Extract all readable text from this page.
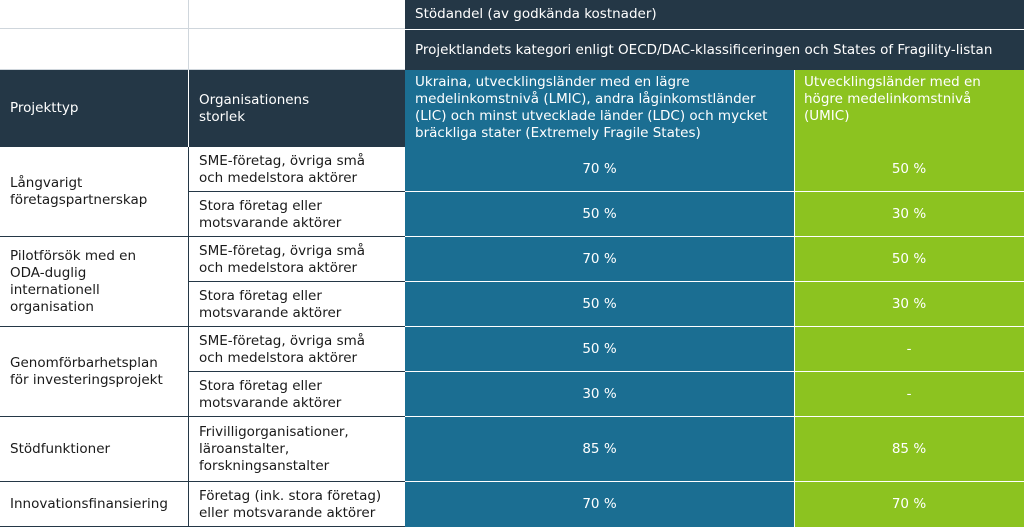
Stödandel (av godkända kostnader)
Projektlandets kategori enligt OECD/DAC-klassificeringen och States of Fragility-listan
Projekttyp
Organisationens storlek
Ukraina, utvecklingsländer med en lägre medelinkomstnivå (LMIC), andra låginkomstländer (LIC) och minst utvecklade länder (LDC) och mycket bräckliga stater (Extremely Fragile States)
Utvecklingsländer med en högre medelinkomstnivå (UMIC)
Långvarigt företagspartnerskap
Pilotförsök med en ODA-duglig internationell organisation
Genomförbarhetsplan för investeringsprojekt
Stödfunktioner
Innovationsfinansiering
SME-företag, övriga små och medelstora aktörer
Stora företag eller motsvarande aktörer
SME-företag, övriga små och medelstora aktörer
Stora företag eller motsvarande aktörer
SME-företag, övriga små och medelstora aktörer
Stora företag eller motsvarande aktörer
Frivilligorganisationer, läroanstalter, forskningsanstalter
Företag (ink. stora företag) eller motsvarande aktörer
70 %
50 %
70 %
50 %
50 %
30 %
85 %
70 %
50 %
30 %
50 %
30 %
-
-
85 %
70 %
